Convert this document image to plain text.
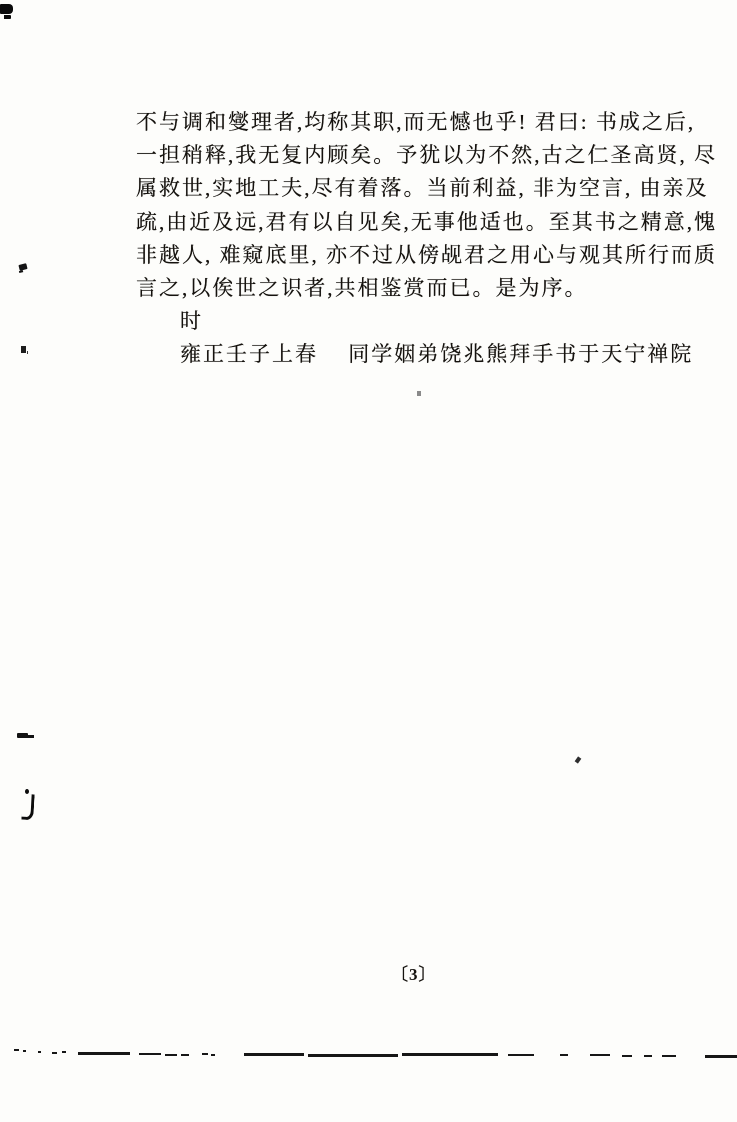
不与调和燮理者,均称其职,而无憾也乎! 君曰: 书成之后,
一担稍释,我无复内顾矣。予犹以为不然,古之仁圣高贤, 尽
属救世,实地工夫,尽有着落。当前利益, 非为空言, 由亲及
疏,由近及远,君有以自见矣,无事他适也。至其书之精意,愧
非越人, 难窥底里, 亦不过从傍觇君之用心与观其所行而质
言之,以俟世之识者,共相鉴赏而已。是为序。
时
雍正壬子上春　 同学姻弟饶兆熊拜手书于天宁禅院
〔3〕
